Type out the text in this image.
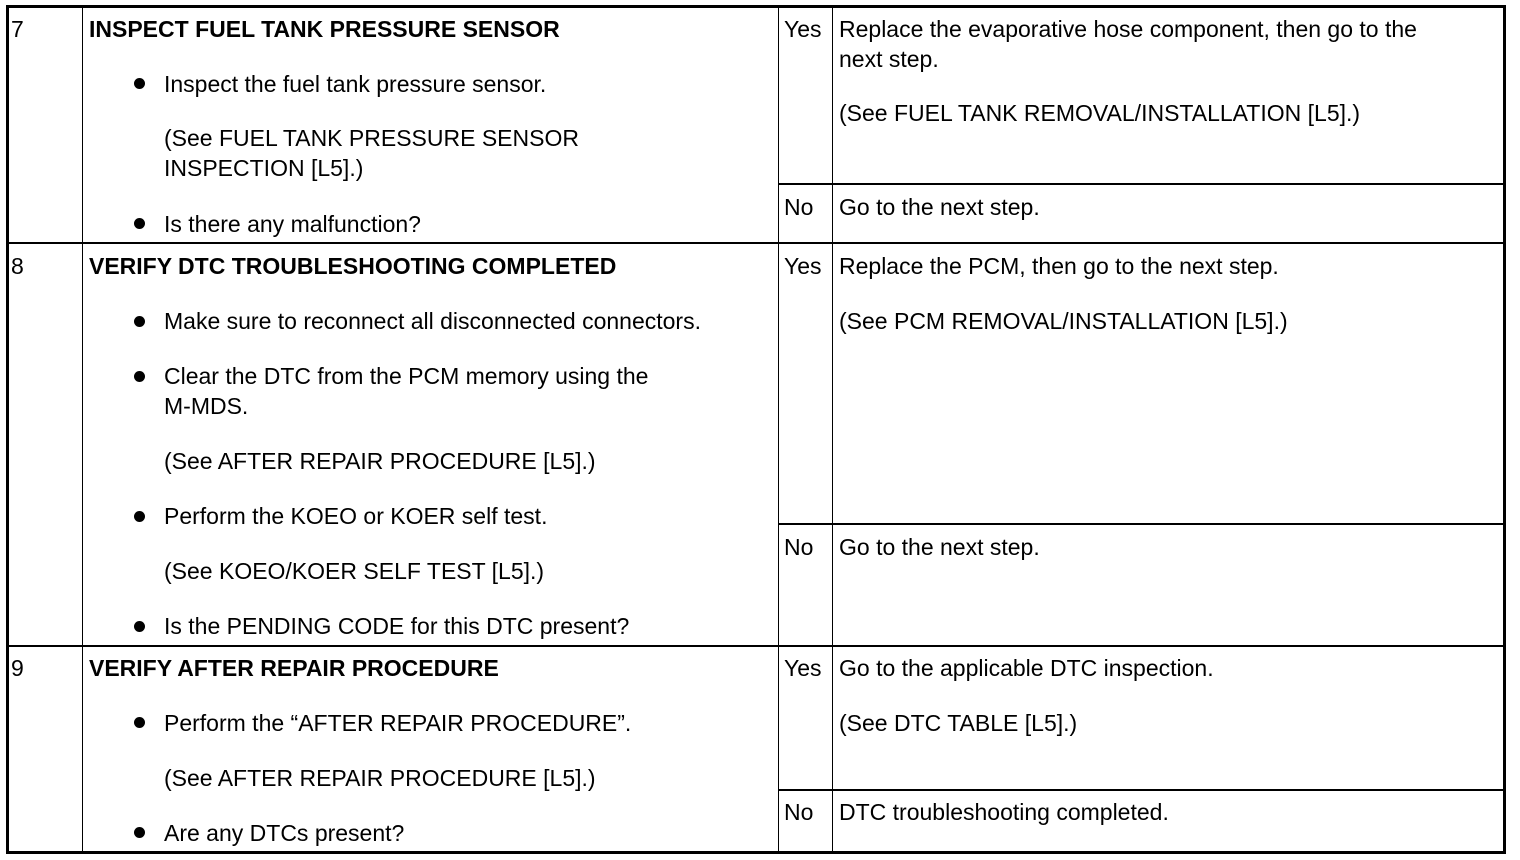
7	INSPECT FUEL TANK PRESSURE SENSOR
Inspect the fuel tank pressure sensor.
(See FUEL TANK PRESSURE SENSOR
INSPECTION [L5].)
Is there any malfunction?
Yes Replace the evaporative hose component, then go to the
next step.
(See FUEL TANK REMOVAL/INSTALLATION [L5].)
No Go to the next step.
8	VERIFY DTC TROUBLESHOOTING COMPLETED
Make sure to reconnect all disconnected connectors.
Clear the DTC from the PCM memory using the
M-MDS.
(See AFTER REPAIR PROCEDURE [L5].)
Perform the KOEO or KOER self test.
(See KOEO/KOER SELF TEST [L5].)
Is the PENDING CODE for this DTC present?
Yes Replace the PCM, then go to the next step.
(See PCM REMOVAL/INSTALLATION [L5].)
No Go to the next step.
9	VERIFY AFTER REPAIR PROCEDURE
Perform the “AFTER REPAIR PROCEDURE”.
(See AFTER REPAIR PROCEDURE [L5].)
Are any DTCs present?
Yes Go to the applicable DTC inspection.
(See DTC TABLE [L5].)
No DTC troubleshooting completed.
